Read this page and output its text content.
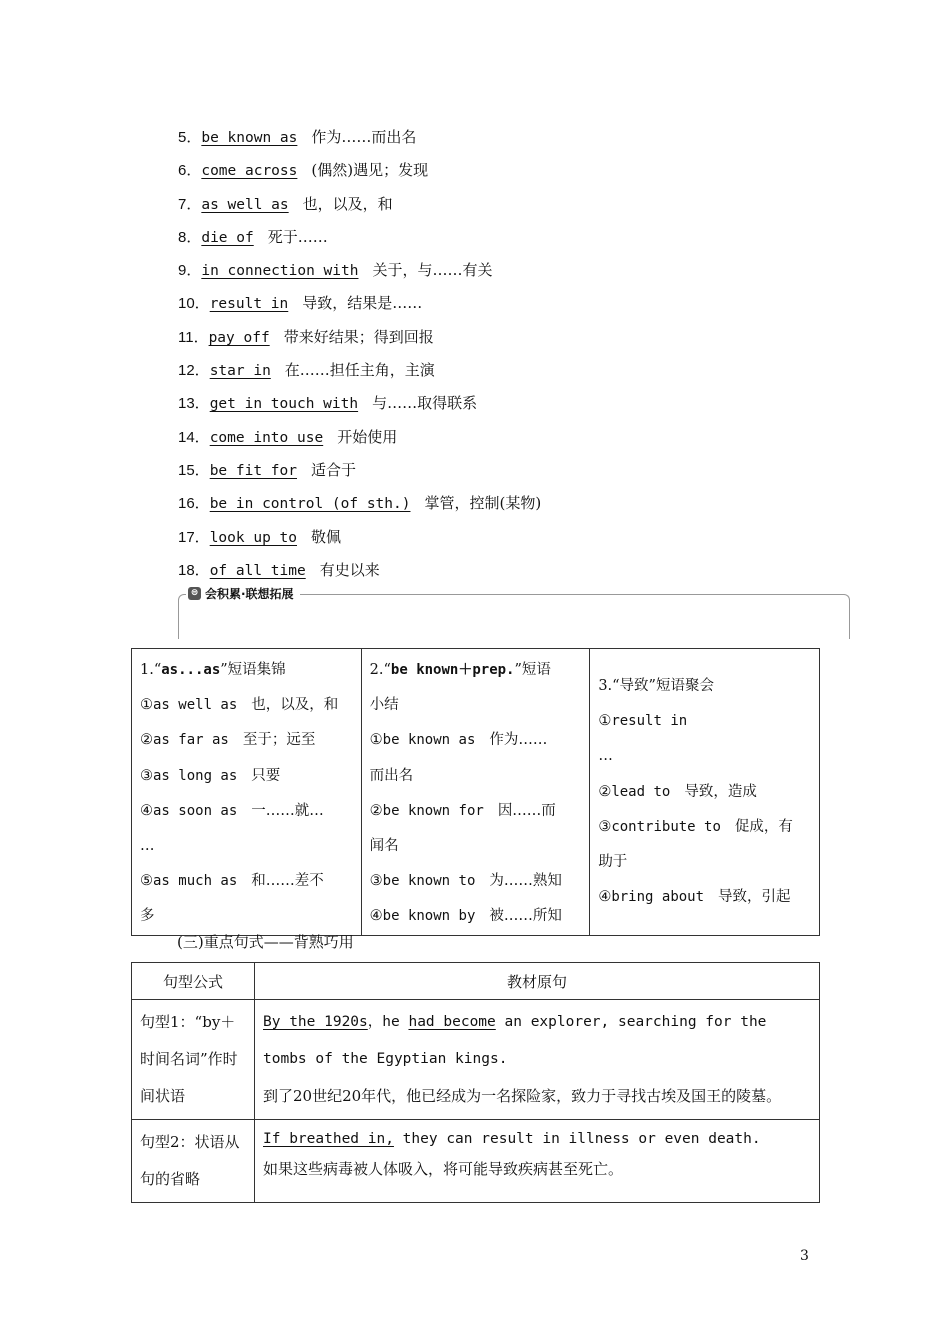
5．be known as 作为……而出名
6．come across (偶然)遇见；发现
7．as well as 也，以及，和
8．die of 死于……
9．in connection with 关于，与……有关
10．result in 导致，结果是……
11．pay off 带来好结果；得到回报
12．star in 在……担任主角，主演
13．get in touch with 与……取得联系
14．come into use 开始使用
15．be fit for 适合于
16．be in control (of sth.) 掌管，控制(某物)
17．look up to 敬佩
18．of all time 有史以来
⊜ 会积累·联想拓展
1.“as...as”短语集锦
①as well as 也，以及，和
②as far as 至于；远至
③as long as 只要
④as soon as 一……就…
…
⑤as much as 和……差不
多

2.“be known＋prep.”短语
小结
①be known as 作为……
而出名
②be known for 因……而
闻名
③be known to 为……熟知
④be known by 被……所知

3.“导致”短语聚会
①result in
…
②lead to 导致，造成
③contribute to 促成，有
助于
④bring about 导致，引起
(三)重点句式——背熟巧用
句型公式	教材原句
句型1：“by＋时间名词”作时间状语	By the 1920s，he had become an explorer, searching for the tombs of the Egyptian kings.
到了20世纪20年代，他已经成为一名探险家，致力于寻找古埃及国王的陵墓。

句型2：状语从句的省略	If breathed in, they can result in illness or even death.
如果这些病毒被人体吸入，将可能导致疾病甚至死亡。
3
